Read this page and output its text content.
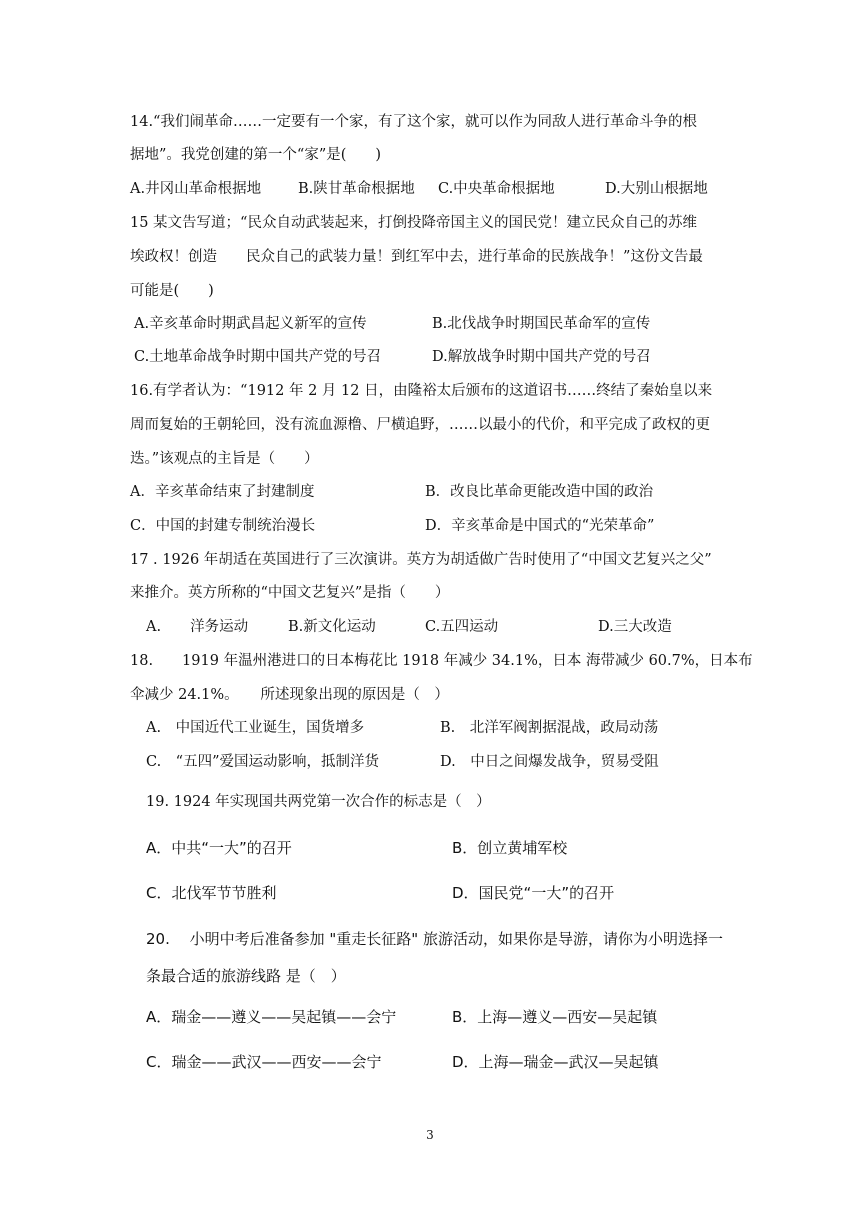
14.“我们闹革命……一定要有一个家，有了这个家，就可以作为同敌人进行革命斗争的根
据地”。我党创建的第一个“家”是(　　)
A.井冈山革命根据地	B.陕甘革命根据地 C.中央革命根据地	D.大别山根据地
15 某文告写道；“民众自动武装起来，打倒投降帝国主义的国民党！建立民众自己的苏维
埃政权！创造　　民众自己的武装力量！到红军中去，进行革命的民族战争！”这份文告最
可能是(　　)
A.辛亥革命时期武昌起义新军的宣传	B.北伐战争时期国民革命军的宣传
C.土地革命战争时期中国共产党的号召	D.解放战争时期中国共产党的号召
16.有学者认为：“1912 年 2 月 12 日，由隆裕太后颁布的这道诏书……终结了秦始皇以来
周而复始的王朝轮回，没有流血源橹、尸横追野，……以最小的代价，和平完成了政权的更
迭。”该观点的主旨是（　　）
A．辛亥革命结束了封建制度	B．改良比革命更能改造中国的政治
C．中国的封建专制统治漫长	D．辛亥革命是中国式的“光荣革命”
17 . 1926 年胡适在英国进行了三次演讲。英方为胡适做广告时使用了“中国文艺复兴之父”
来推介。英方所称的“中国文艺复兴”是指（　　）
A.　　洋务运动	B.新文化运动	C.五四运动	D.三大改造
18.　　1919 年温州港进口的日本梅花比 1918 年减少 34.1%，日本 海带减少 60.7%，日本布
伞减少 24.1%。　　所述现象出现的原因是（　）
A.　中国近代工业诞生，国货增多	B.　北洋军阀割据混战，政局动荡
C.　“五四”爱国运动影响，抵制洋货	D.　中日之间爆发战争，贸易受阻
19. 1924 年实现国共两党第一次合作的标志是（　）
A．中共“一大”的召开	B．创立黄埔军校
C．北伐军节节胜利	D．国民党“一大”的召开
20.　 小明中考后准备参加 "重走长征路" 旅游活动，如果你是导游，请你为小明选择一
条最合适的旅游线路 是（　）
A．瑞金——遵义——吴起镇——会宁	B．上海—遵义—西安—吴起镇
C．瑞金——武汉——西安——会宁	D．上海—瑞金—武汉—吴起镇
3
